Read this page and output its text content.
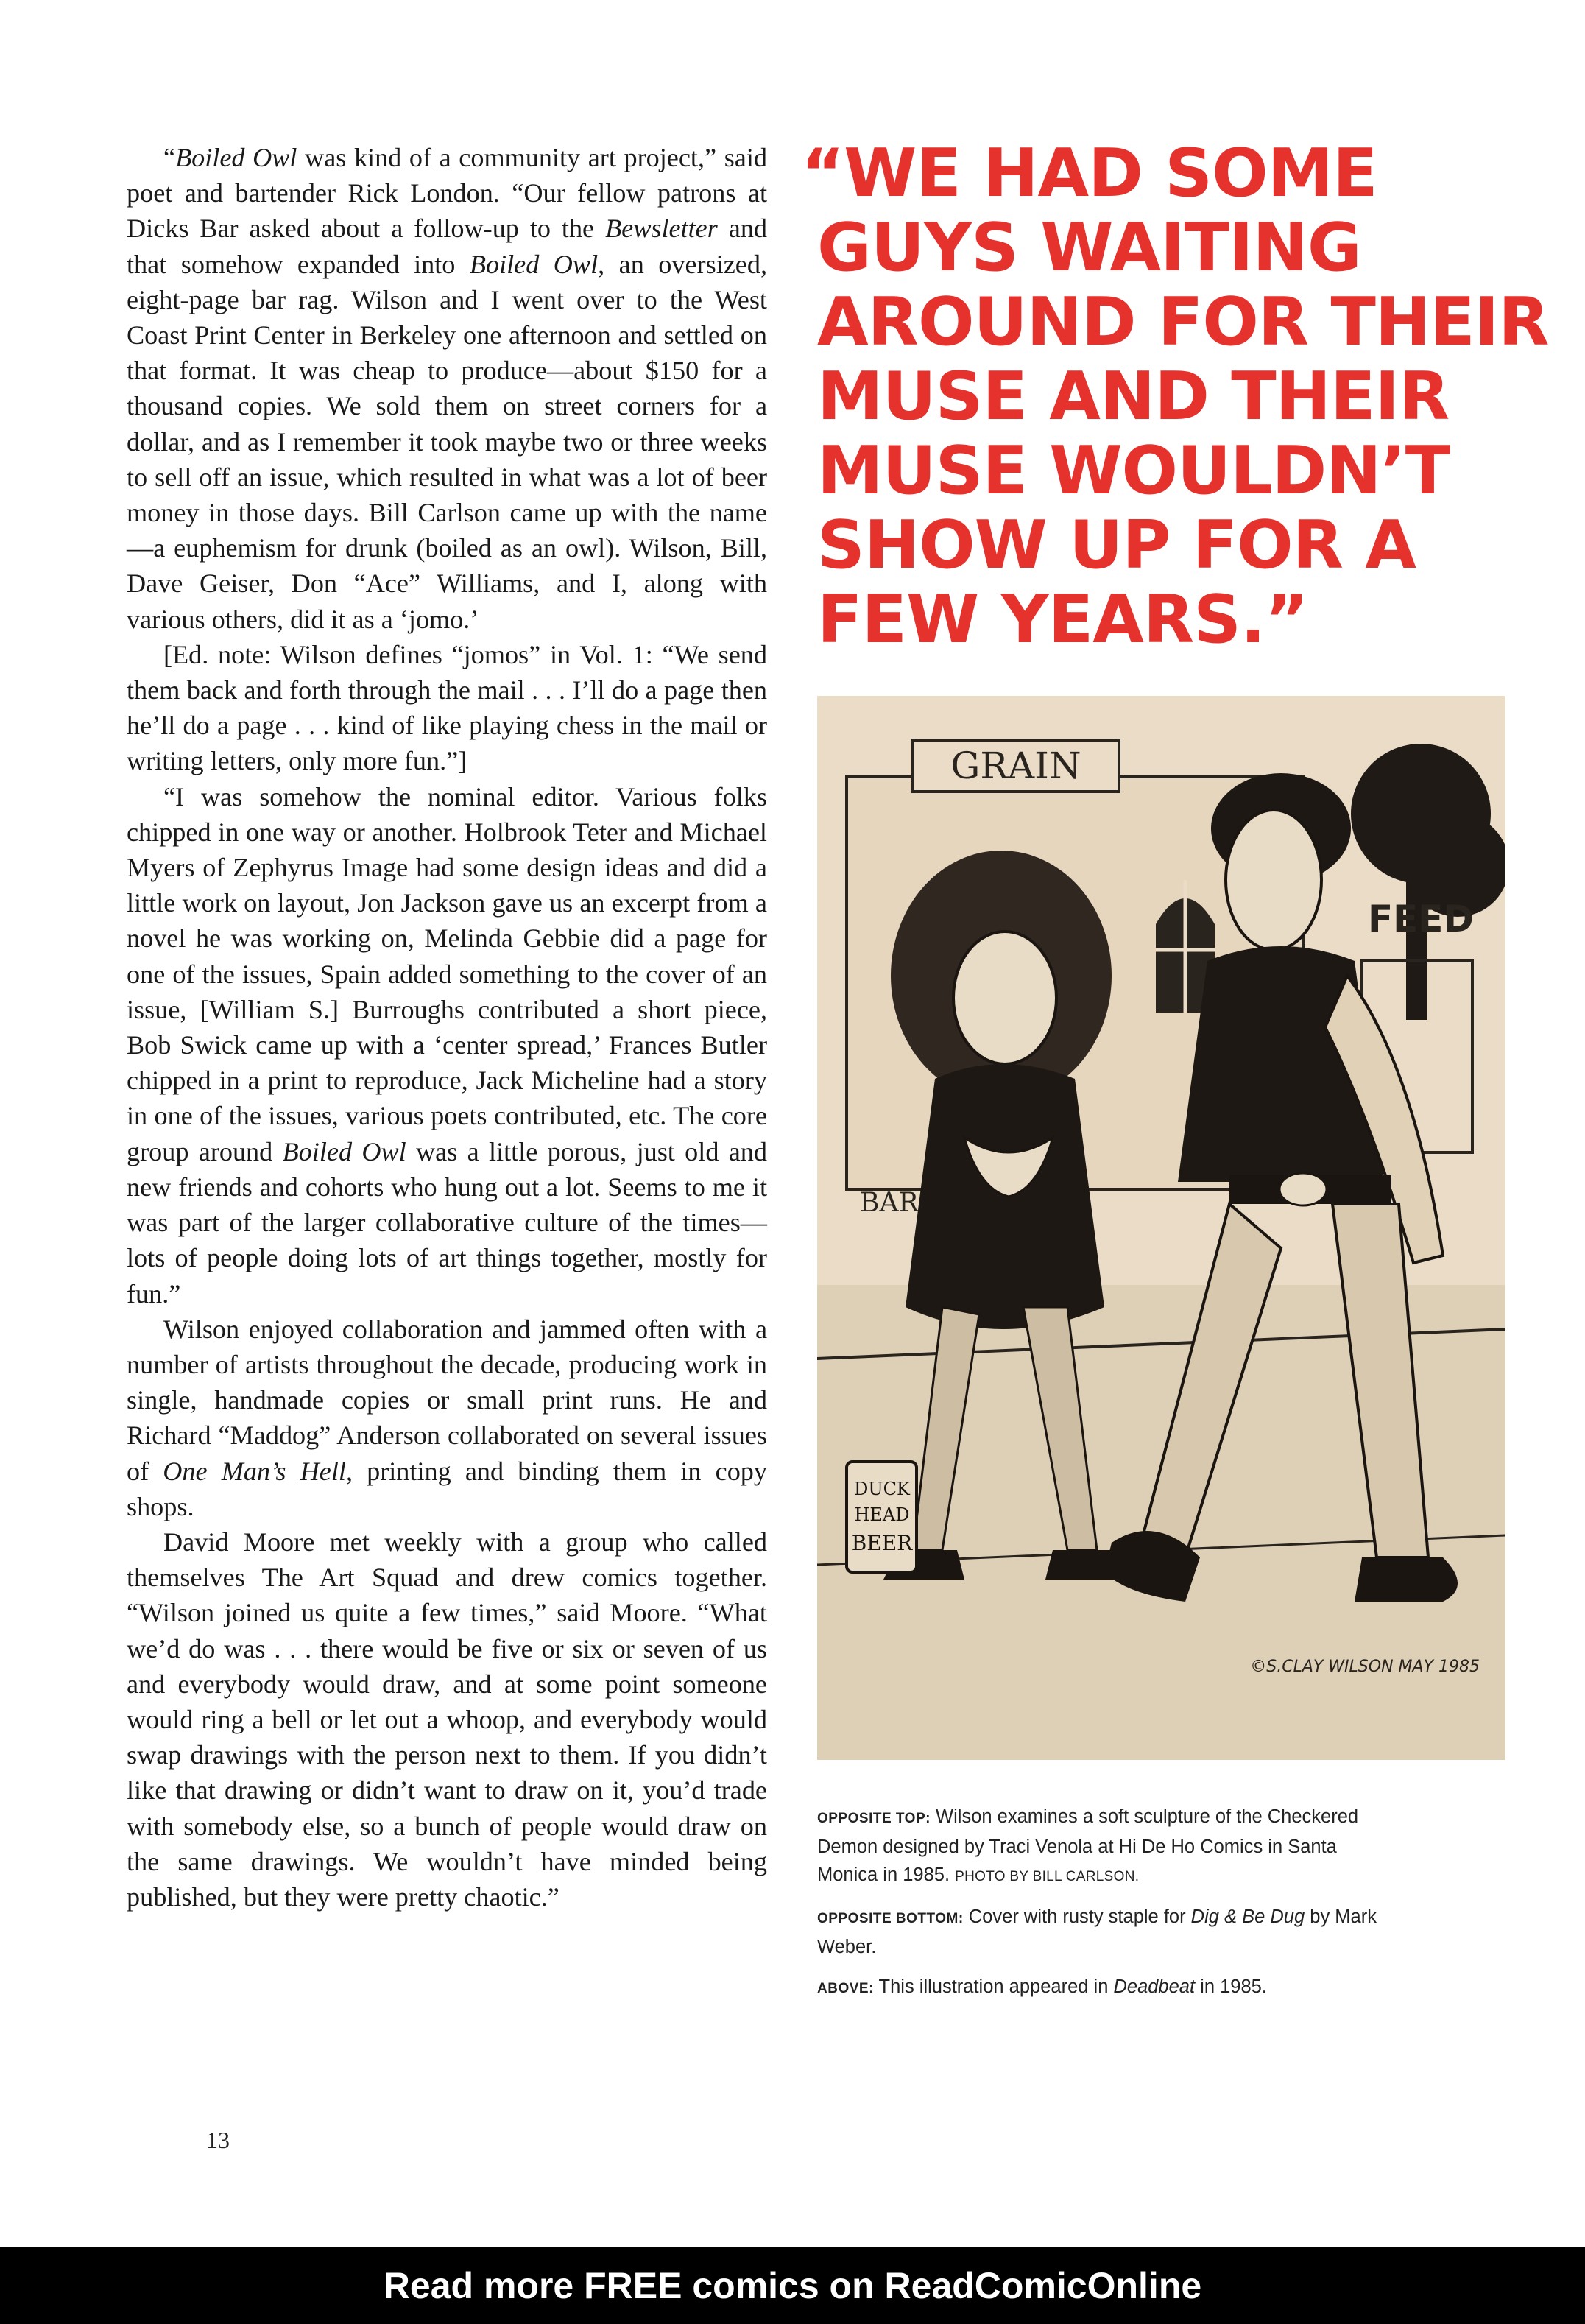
“Boiled Owl was kind of a community art project,” said poet and bartender Rick London. “Our fellow patrons at Dicks Bar asked about a follow-up to the Bewsletter and that somehow expanded into Boiled Owl, an oversized, eight-page bar rag. Wilson and I went over to the West Coast Print Center in Berkeley one afternoon and settled on that format. It was cheap to produce—about $150 for a thousand copies. We sold them on street corners for a dollar, and as I remember it took maybe two or three weeks to sell off an issue, which resulted in what was a lot of beer money in those days. Bill Carlson came up with the name—a euphemism for drunk (boiled as an owl). Wilson, Bill, Dave Geiser, Don “Ace” Williams, and I, along with various others, did it as a ‘jomo.’

[Ed. note: Wilson defines “jomos” in Vol. 1: “We send them back and forth through the mail . . . I’ll do a page then he’ll do a page . . . kind of like playing chess in the mail or writing letters, only more fun.”]

“I was somehow the nominal editor. Various folks chipped in one way or another. Holbrook Teter and Michael Myers of Zephyrus Image had some design ideas and did a little work on layout, Jon Jackson gave us an excerpt from a novel he was working on, Melinda Gebbie did a page for one of the issues, Spain added something to the cover of an issue, [William S.] Burroughs contributed a short piece, Bob Swick came up with a ‘center spread,’ Frances Butler chipped in a print to reproduce, Jack Micheline had a story in one of the issues, various poets contributed, etc. The core group around Boiled Owl was a little porous, just old and new friends and cohorts who hung out a lot. Seems to me it was part of the larger collaborative culture of the times—lots of people doing lots of art things together, mostly for fun.”

Wilson enjoyed collaboration and jammed often with a number of artists throughout the decade, producing work in single, handmade copies or small print runs. He and Richard “Maddog” Anderson collaborated on several issues of One Man’s Hell, printing and binding them in copy shops.

David Moore met weekly with a group who called themselves The Art Squad and drew comics together. “Wilson joined us quite a few times,” said Moore. “What we’d do was . . . there would be five or six or seven of us and everybody would draw, and at some point someone would ring a bell or let out a whoop, and everybody would swap drawings with the person next to them. If you didn’t like that drawing or didn’t want to draw on it, you’d trade with somebody else, so a bunch of people would draw on the same drawings. We wouldn’t have minded being published, but they were pretty chaotic.”

“WE HAD SOME
GUYS WAITING
AROUND FOR THEIR
MUSE AND THEIR
MUSE WOULDN’T
SHOW UP FOR A
FEW YEARS.”
GRAIN
FEED
BAR
DUCK
HEAD
BEER
©S.CLAY WILSON MAY 1985

OPPOSITE TOP: Wilson examines a soft sculpture of the Checkered Demon designed by Traci Venola at Hi De Ho Comics in Santa Monica in 1985. PHOTO BY BILL CARLSON.

OPPOSITE BOTTOM: Cover with rusty staple for Dig & Be Dug by Mark Weber.

ABOVE: This illustration appeared in Deadbeat in 1985.

13
Read more FREE comics on ReadComicOnline
